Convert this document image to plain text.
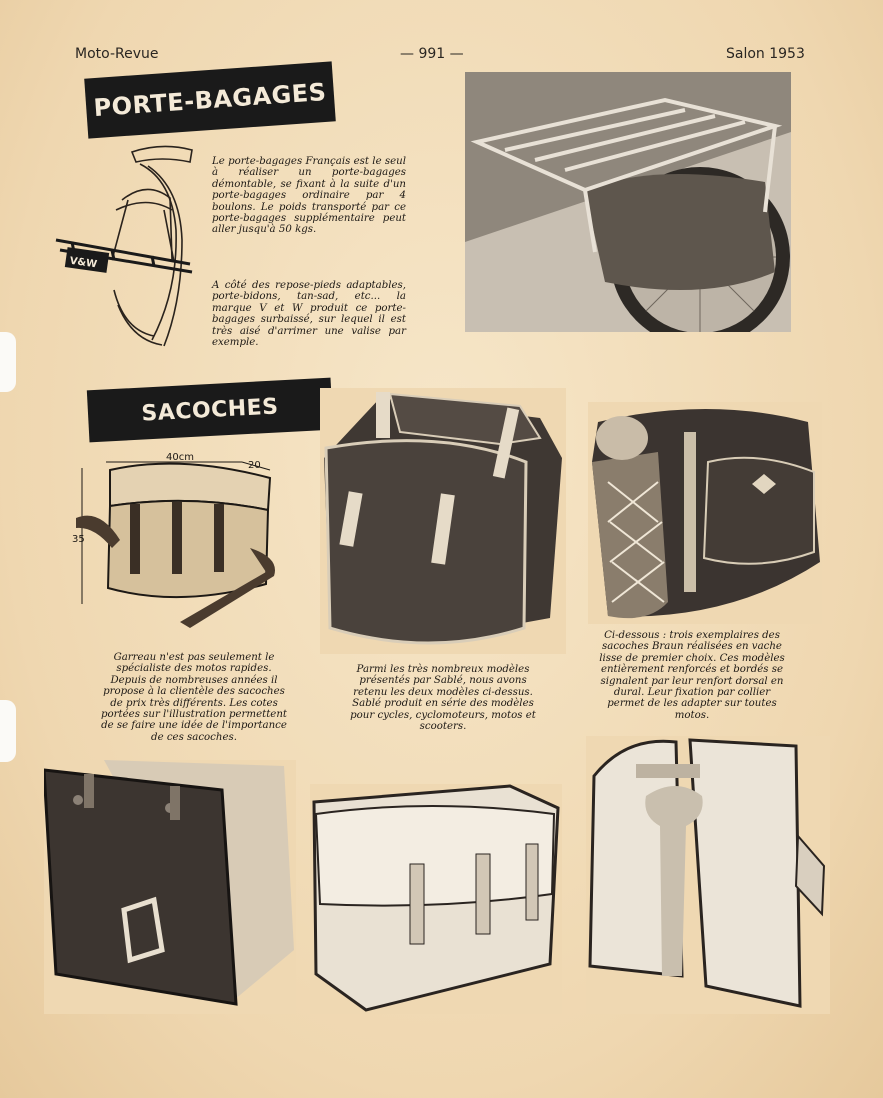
Moto-Revue	— 991 —	Salon 1953
PORTE-BAGAGES
V&W

Le porte-bagages Français est le seul à réaliser un porte-bagages démontable, se fixant à la suite d'un porte-bagages ordinaire par 4 boulons. Le poids transporté par ce porte-bagages supplémentaire peut aller jusqu'à 50 kgs.

A côté des repose-pieds adaptables, porte-bidons, tan-sad, etc... la marque V et W produit ce porte-bagages surbaissé, sur lequel il est très aisé d'arrimer une valise par exemple.

SACOCHES
40cm
20
35

Garreau n'est pas seulement le spécialiste des motos rapides. Depuis de nombreuses années il propose à la clientèle des sacoches de prix très différents. Les cotes portées sur l'illustration permettent de se faire une idée de l'importance de ces sacoches.

Parmi les très nombreux modèles présentés par Sablé, nous avons retenu les deux modèles ci-dessus. Sablé produit en série des modèles pour cycles, cyclomoteurs, motos et scooters.

Ci-dessous : trois exemplaires des sacoches Braun réalisées en vache lisse de premier choix. Ces modèles entièrement renforcés et bordés se signalent par leur renfort dorsal en dural. Leur fixation par collier permet de les adapter sur toutes motos.
